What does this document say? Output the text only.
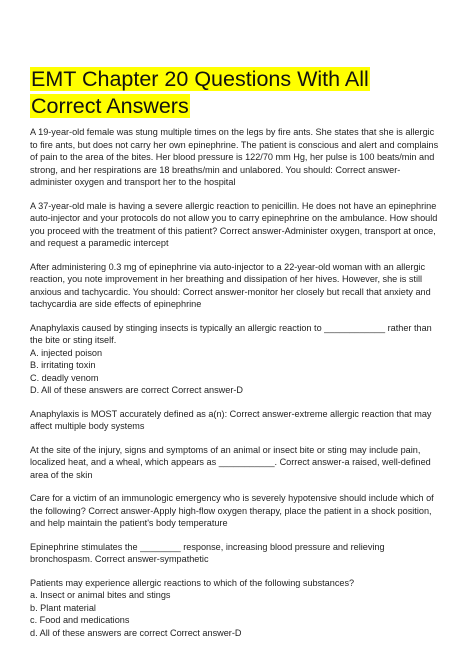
EMT Chapter 20 Questions With All Correct Answers

A 19-year-old female was stung multiple times on the legs by fire ants. She states that she is allergic to fire ants, but does not carry her own epinephrine. The patient is conscious and alert and complains of pain to the area of the bites. Her blood pressure is 122/70 mm Hg, her pulse is 100 beats/min and strong, and her respirations are 18 breaths/min and unlabored. You should: Correct answer-administer oxygen and transport her to the hospital

A 37-year-old male is having a severe allergic reaction to penicillin. He does not have an epinephrine auto-injector and your protocols do not allow you to carry epinephrine on the ambulance. How should you proceed with the treatment of this patient? Correct answer-Administer oxygen, transport at once, and request a paramedic intercept

After administering 0.3 mg of epinephrine via auto-injector to a 22-year-old woman with an allergic reaction, you note improvement in her breathing and dissipation of her hives. However, she is still anxious and tachycardic. You should: Correct answer-monitor her closely but recall that anxiety and tachycardia are side effects of epinephrine

Anaphylaxis caused by stinging insects is typically an allergic reaction to ____________ rather than the bite or sting itself.
A. injected poison
B. irritating toxin
C. deadly venom
D. All of these answers are correct Correct answer-D

Anaphylaxis is MOST accurately defined as a(n): Correct answer-extreme allergic reaction that may affect multiple body systems

At the site of the injury, signs and symptoms of an animal or insect bite or sting may include pain, localized heat, and a wheal, which appears as ___________. Correct answer-a raised, well-defined area of the skin

Care for a victim of an immunologic emergency who is severely hypotensive should include which of the following? Correct answer-Apply high-flow oxygen therapy, place the patient in a shock position, and help maintain the patient's body temperature

Epinephrine stimulates the ________ response, increasing blood pressure and relieving bronchospasm. Correct answer-sympathetic

Patients may experience allergic reactions to which of the following substances?
a. Insect or animal bites and stings
b. Plant material
c. Food and medications
d. All of these answers are correct Correct answer-D
